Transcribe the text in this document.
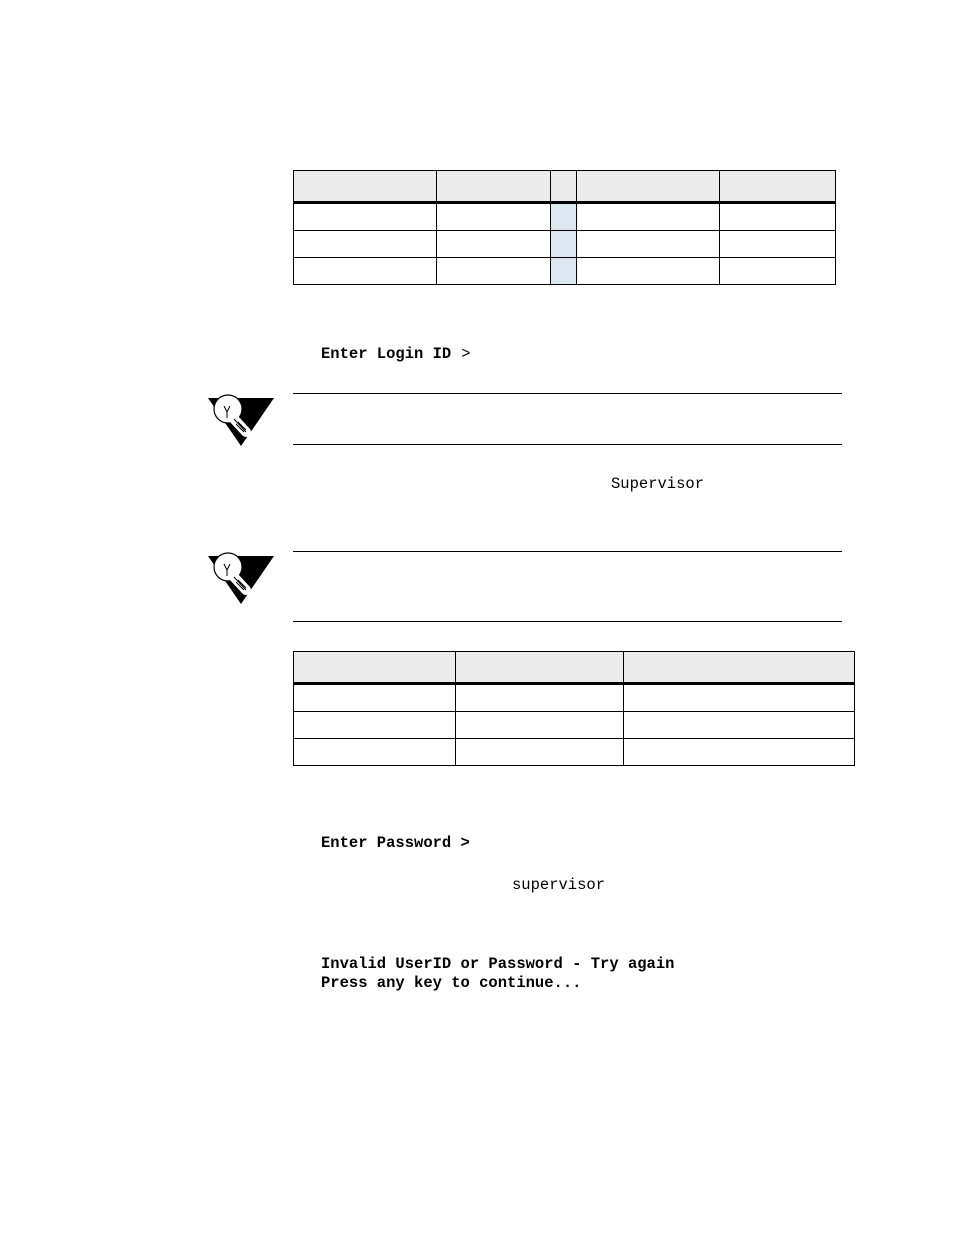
Enter Login ID >
Supervisor

Enter Password >
supervisor
Invalid UserID or Password - Try again
Press any key to continue...
